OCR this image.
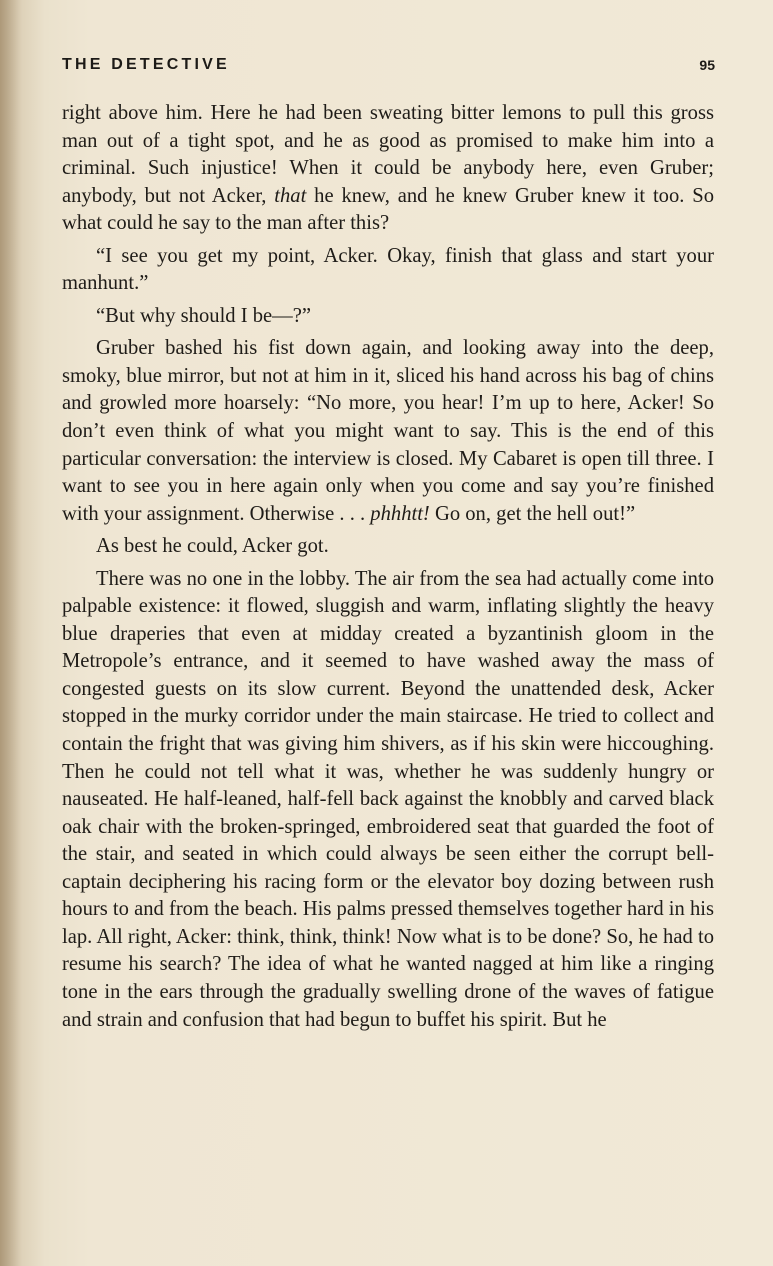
THE DETECTIVE	95

right above him. Here he had been sweating bitter lemons to pull this gross man out of a tight spot, and he as good as promised to make him into a criminal. Such injustice! When it could be anybody here, even Gruber; anybody, but not Acker, that he knew, and he knew Gruber knew it too. So what could he say to the man after this?

“I see you get my point, Acker. Okay, finish that glass and start your manhunt.”

“But why should I be—?”

Gruber bashed his fist down again, and looking away into the deep, smoky, blue mirror, but not at him in it, sliced his hand across his bag of chins and growled more hoarsely: “No more, you hear! I’m up to here, Acker! So don’t even think of what you might want to say. This is the end of this particular conversation: the interview is closed. My Cabaret is open till three. I want to see you in here again only when you come and say you’re finished with your assignment. Otherwise . . . phhhtt! Go on, get the hell out!”

As best he could, Acker got.

There was no one in the lobby. The air from the sea had actually come into palpable existence: it flowed, sluggish and warm, inflating slightly the heavy blue draperies that even at midday created a byzantinish gloom in the Metropole’s entrance, and it seemed to have washed away the mass of congested guests on its slow current. Beyond the unattended desk, Acker stopped in the murky corridor under the main staircase. He tried to collect and contain the fright that was giving him shivers, as if his skin were hiccoughing. Then he could not tell what it was, whether he was suddenly hungry or nauseated. He half-leaned, half-fell back against the knobbly and carved black oak chair with the broken-springed, embroidered seat that guarded the foot of the stair, and seated in which could always be seen either the corrupt bell-captain deciphering his racing form or the elevator boy dozing between rush hours to and from the beach. His palms pressed themselves together hard in his lap. All right, Acker: think, think, think! Now what is to be done? So, he had to resume his search? The idea of what he wanted nagged at him like a ringing tone in the ears through the gradually swelling drone of the waves of fatigue and strain and confusion that had begun to buffet his spirit. But he
